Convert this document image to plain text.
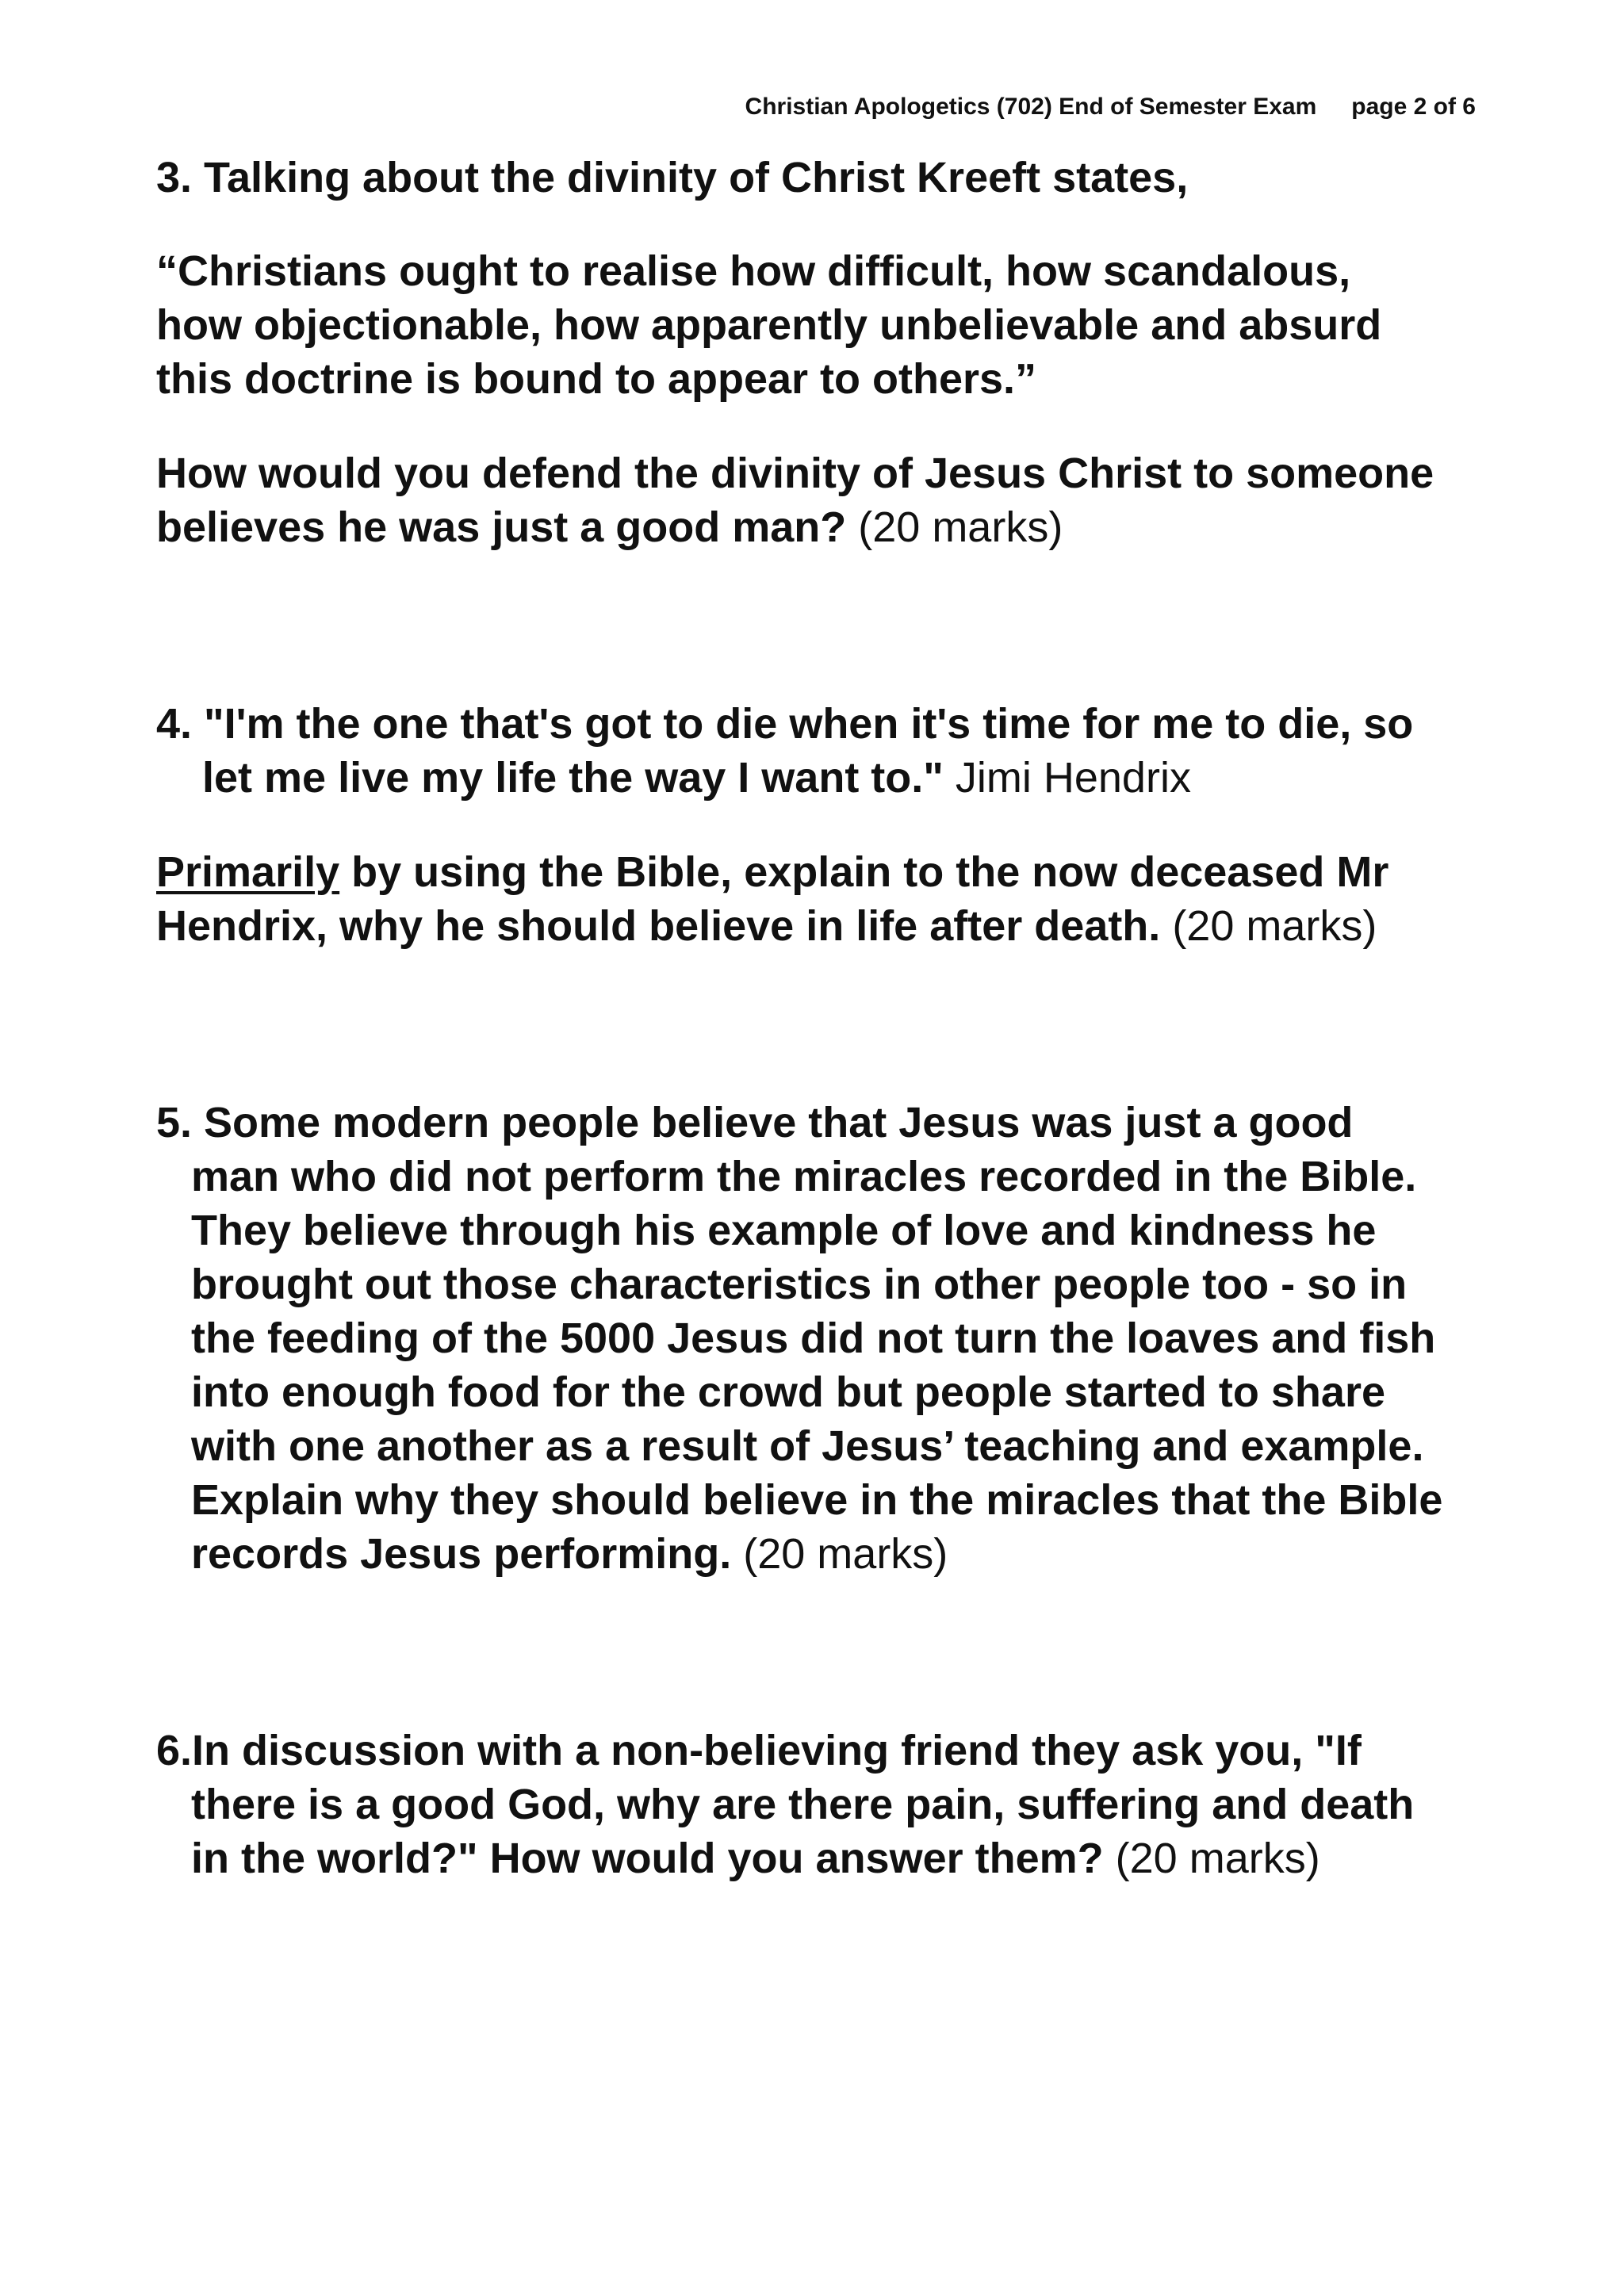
Christian Apologetics (702) End of Semester Exam page 2 of 6

3. Talking about the divinity of Christ Kreeft states,

“Christians ought to realise how difficult, how scandalous,
how objectionable, how apparently unbelievable and absurd
this doctrine is bound to appear to others.”

How would you defend the divinity of Jesus Christ to someone
believes he was just a good man? (20 marks)

4. "I'm the one that's got to die when it's time for me to die, so
let me live my life the way I want to." Jimi Hendrix

Primarily by using the Bible, explain to the now deceased Mr
Hendrix, why he should believe in life after death. (20 marks)

5. Some modern people believe that Jesus was just a good
man who did not perform the miracles recorded in the Bible.
They believe through his example of love and kindness he
brought out those characteristics in other people too - so in
the feeding of the 5000 Jesus did not turn the loaves and fish
into enough food for the crowd but people started to share
with one another as a result of Jesus’ teaching and example.
Explain why they should believe in the miracles that the Bible
records Jesus performing. (20 marks)

6.In discussion with a non-believing friend they ask you, "If
there is a good God, why are there pain, suffering and death
in the world?" How would you answer them? (20 marks)
